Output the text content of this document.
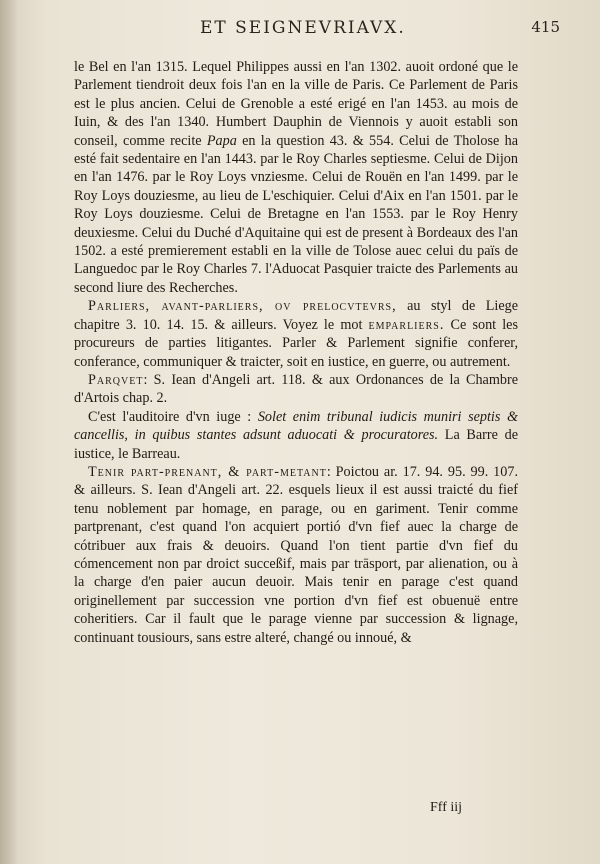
ET SEIGNEVRIAVX.	415

le Bel en l'an 1315. Lequel Philippes aussi en l'an 1302. auoit ordoné que le Parlement tiendroit deux fois l'an en la ville de Paris. Ce Parlement de Paris est le plus ancien. Celui de Grenoble a esté erigé en l'an 1453. au mois de Iuin, & des l'an 1340. Humbert Dauphin de Viennois y auoit establi son conseil, comme recite Papa en la question 43. & 554. Celui de Tholose ha esté fait sedentaire en l'an 1443. par le Roy Charles septiesme. Celui de Dijon en l'an 1476. par le Roy Loys vnziesme. Celui de Rouën en l'an 1499. par le Roy Loys douziesme, au lieu de L'eschiquier. Celui d'Aix en l'an 1501. par le Roy Loys douziesme. Celui de Bretagne en l'an 1553. par le Roy Henry deuxiesme. Celui du Duché d'Aquitaine qui est de present à Bordeaux des l'an 1502. a esté premierement establi en la ville de Tolose auec celui du païs de Languedoc par le Roy Charles 7. l'Aduocat Pasquier traicte des Parlements au second liure des Recherches.

Parliers, avant-parliers, ov prelocvtevrs, au styl de Liege chapitre 3. 10. 14. 15. & ailleurs. Voyez le mot emparliers. Ce sont les procureurs de parties litigantes. Parler & Parlement signifie conferer, conferance, communiquer & traicter, soit en iustice, en guerre, ou autrement.

Parqvet: S. Iean d'Angeli art. 118. & aux Ordonances de la Chambre d'Artois chap. 2.

C'est l'auditoire d'vn iuge : Solet enim tribunal iudicis muniri septis & cancellis, in quibus stantes adsunt aduocati & procuratores. La Barre de iustice, le Barreau.

Tenir part-prenant, & part-metant: Poictou ar. 17. 94. 95. 99. 107. & ailleurs. S. Iean d'Angeli art. 22. esquels lieux il est aussi traicté du fief tenu noblement par homage, en parage, ou en gariment. Tenir comme partprenant, c'est quand l'on acquiert portió d'vn fief auec la charge de cótribuer aux frais & deuoirs. Quand l'on tient partie d'vn fief du cómencement non par droict succeßif, mais par trāsport, par alienation, ou à la charge d'en paier aucun deuoir. Mais tenir en parage c'est quand originellement par succession vne portion d'vn fief est obuenuë entre coheritiers. Car il fault que le parage vienne par succession & lignage, continuant tousiours, sans estre alteré, changé ou innoué, &

Fff iij
